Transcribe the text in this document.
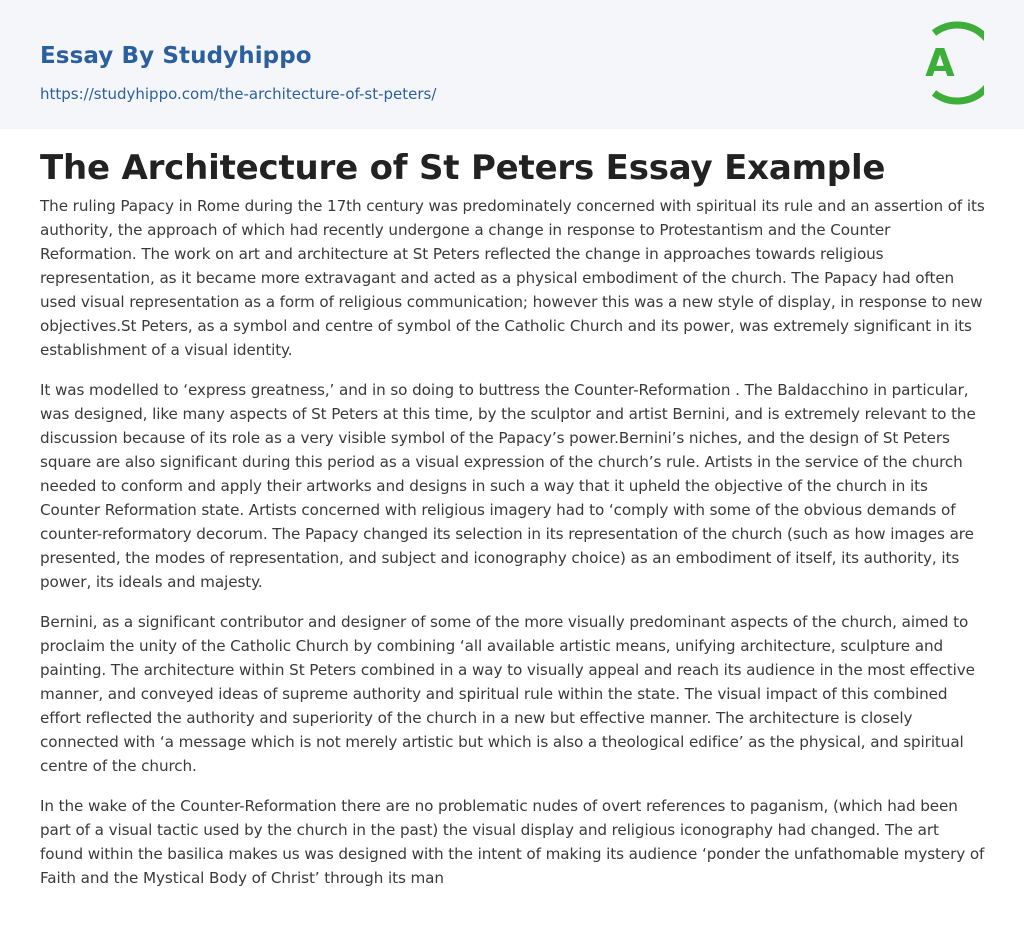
Essay By Studyhippo
https://studyhippo.com/the-architecture-of-st-peters/
A
The Architecture of St Peters Essay Example

The ruling Papacy in Rome during the 17th century was predominately concerned with spiritual its rule and an assertion of its authority, the approach of which had recently undergone a change in response to Protestantism and the Counter Reformation. The work on art and architecture at St Peters reflected the change in approaches towards religious representation, as it became more extravagant and acted as a physical embodiment of the church. The Papacy had often used visual representation as a form of religious communication; however this was a new style of display, in response to new objectives.St Peters, as a symbol and centre of symbol of the Catholic Church and its power, was extremely significant in its establishment of a visual identity.

It was modelled to ‘express greatness,’ and in so doing to buttress the Counter-Reformation . The Baldacchino in particular, was designed, like many aspects of St Peters at this time, by the sculptor and artist Bernini, and is extremely relevant to the discussion because of its role as a very visible symbol of the Papacy’s power.Bernini’s niches, and the design of St Peters square are also significant during this period as a visual expression of the church’s rule. Artists in the service of the church needed to conform and apply their artworks and designs in such a way that it upheld the objective of the church in its Counter Reformation state. Artists concerned with religious imagery had to ‘comply with some of the obvious demands of counter-reformatory decorum. The Papacy changed its selection in its representation of the church (such as how images are presented, the modes of representation, and subject and iconography choice) as an embodiment of itself, its authority, its power, its ideals and majesty.

Bernini, as a significant contributor and designer of some of the more visually predominant aspects of the church, aimed to proclaim the unity of the Catholic Church by combining ‘all available artistic means, unifying architecture, sculpture and painting. The architecture within St Peters combined in a way to visually appeal and reach its audience in the most effective manner, and conveyed ideas of supreme authority and spiritual rule within the state. The visual impact of this combined effort reflected the authority and superiority of the church in a new but effective manner. The architecture is closely connected with ‘a message which is not merely artistic but which is also a theological edifice’ as the physical, and spiritual centre of the church.

In the wake of the Counter-Reformation there are no problematic nudes of overt references to paganism, (which had been part of a visual tactic used by the church in the past) the visual display and religious iconography had changed. The art found within the basilica makes us was designed with the intent of making its audience ‘ponder the unfathomable mystery of Faith and the Mystical Body of Christ’ through its man
